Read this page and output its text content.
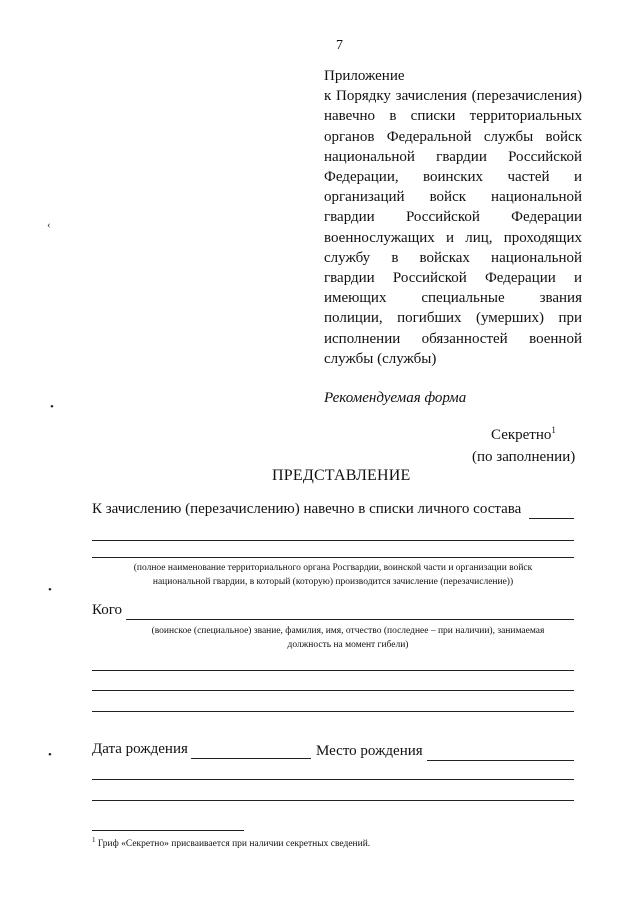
7
Приложение
к Порядку зачисления (перезачисления)
навечно в списки территориальных
органов Федеральной службы войск
национальной гвардии Российской
Федерации, воинских частей и
организаций войск национальной
гвардии Российской Федерации
военнослужащих и лиц, проходящих
службу в войсках национальной
гвардии Российской Федерации и
имеющих специальные звания
полиции, погибших (умерших) при
исполнении обязанностей военной
службы (службы)
Рекомендуемая форма
Секретно$^1$
(по заполнении)
ПРЕДСТАВЛЕНИЕ
К зачислению (перезачислению) навечно в списки личного состава
(полное наименование территориального органа Росгвардии, воинской части и организации войск
национальной гвардии, в который (которую) производится зачисление (перезачисление))
Кого
(воинское (специальное) звание, фамилия, имя, отчество (последнее – при наличии), занимаемая
должность на момент гибели)
Дата рождения	Место рождения
$^1$ Гриф «Секретно» присваивается при наличии секретных сведений.
‹
•
•
•
